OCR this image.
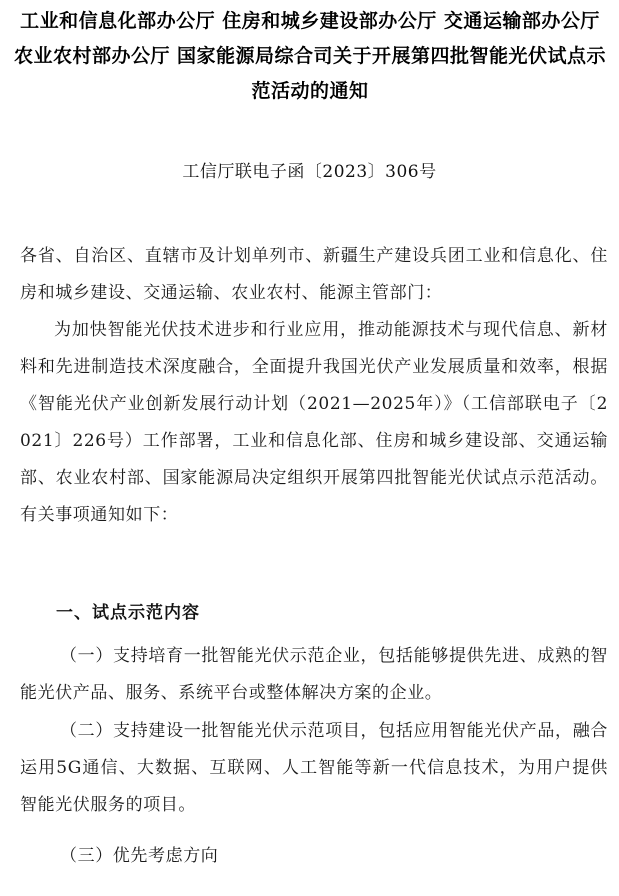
工业和信息化部办公厅 住房和城乡建设部办公厅 交通运输部办公厅 农业农村部办公厅 国家能源局综合司关于开展第四批智能光伏试点示范活动的通知
工信厅联电子函〔2023〕306号
各省、自治区、直辖市及计划单列市、新疆生产建设兵团工业和信息化、住房和城乡建设、交通运输、农业农村、能源主管部门：
为加快智能光伏技术进步和行业应用，推动能源技术与现代信息、新材料和先进制造技术深度融合，全面提升我国光伏产业发展质量和效率，根据《智能光伏产业创新发展行动计划（2021—2025年）》（工信部联电子〔2021〕226号）工作部署，工业和信息化部、住房和城乡建设部、交通运输部、农业农村部、国家能源局决定组织开展第四批智能光伏试点示范活动。有关事项通知如下：
一、试点示范内容
（一）支持培育一批智能光伏示范企业，包括能够提供先进、成熟的智能光伏产品、服务、系统平台或整体解决方案的企业。
（二）支持建设一批智能光伏示范项目，包括应用智能光伏产品，融合运用5G通信、大数据、互联网、人工智能等新一代信息技术，为用户提供智能光伏服务的项目。
（三）优先考虑方向
